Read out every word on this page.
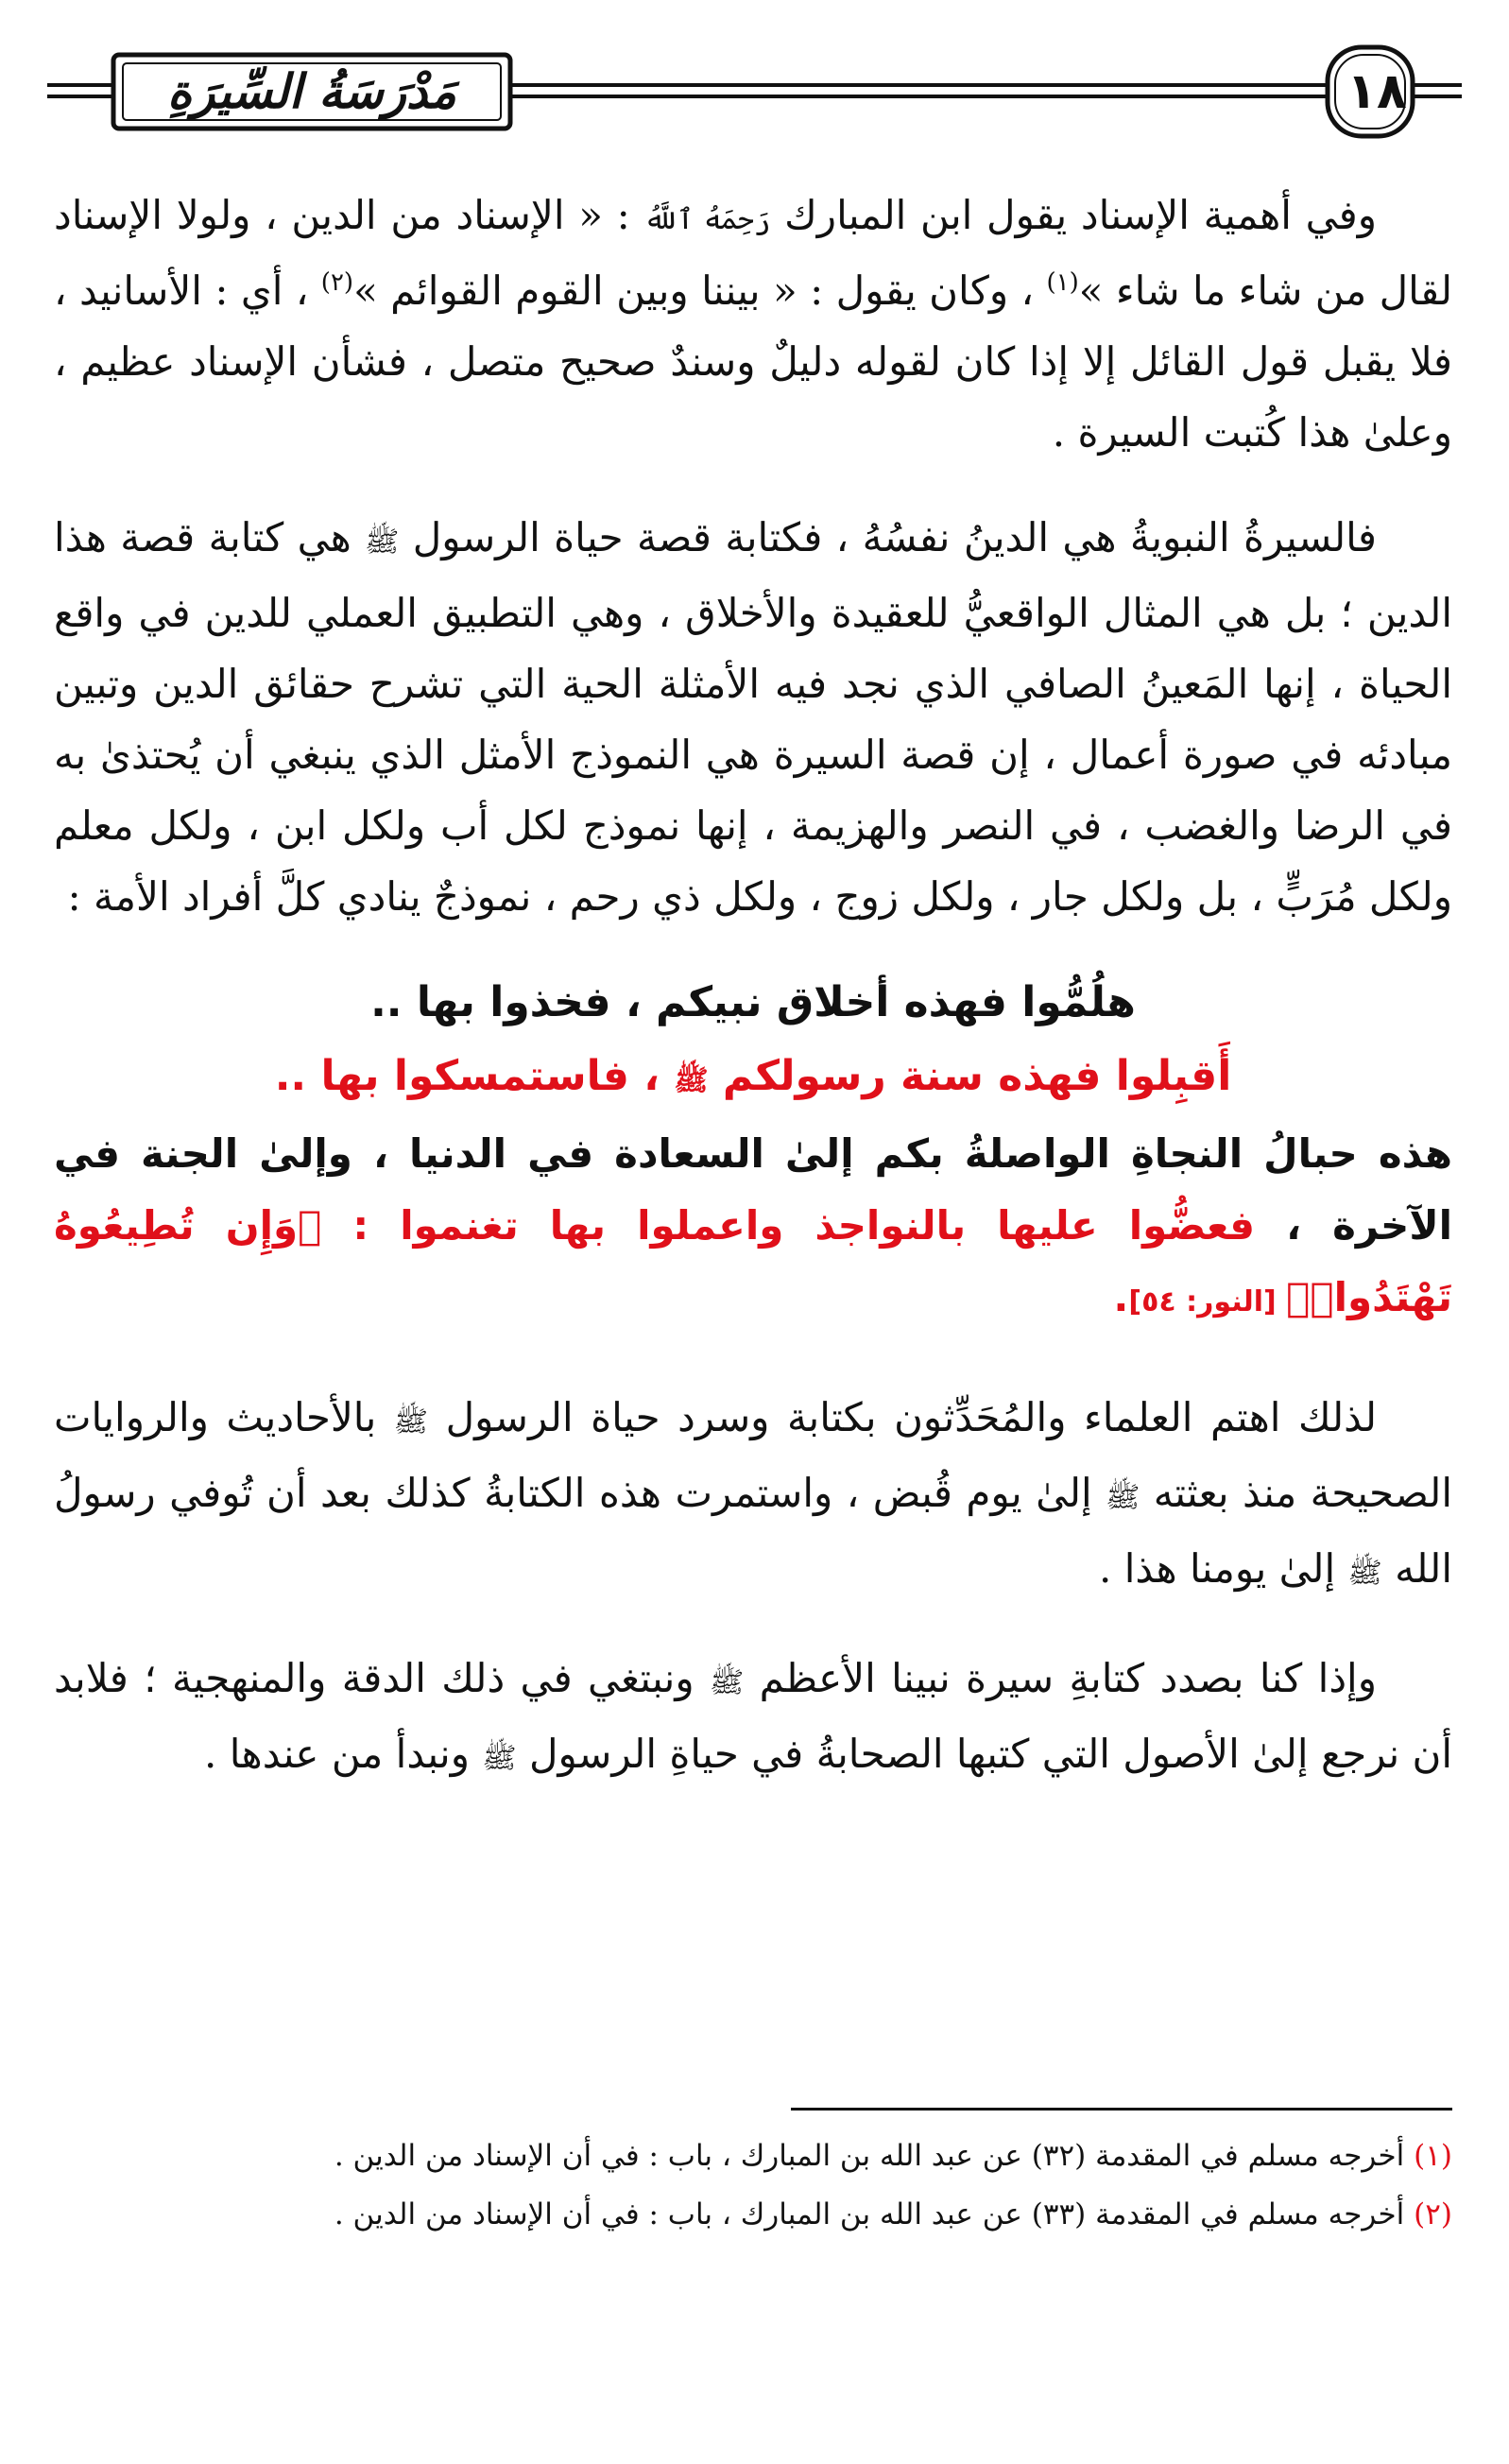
١٨
مَدْرَسَةُ السِّيرَةِ

وفي أهمية الإسناد يقول ابن المبارك رَحِمَهُ ٱللَّهُ : « الإسناد من الدين ، ولولا الإسناد لقال من شاء ما شاء »$^{(١)}$ ، وكان يقول : « بيننا وبين القوم القوائم »$^{(٢)}$ ، أي : الأسانيد ، فلا يقبل قول القائل إلا إذا كان لقوله دليلٌ وسندٌ صحيح متصل ، فشأن الإسناد عظيم ، وعلىٰ هذا كُتبت السيرة .

فالسيرةُ النبويةُ هي الدينُ نفسُهُ ، فكتابة قصة حياة الرسول ﷺ هي كتابة قصة هذا الدين ؛ بل هي المثال الواقعيُّ للعقيدة والأخلاق ، وهي التطبيق العملي للدين في واقع الحياة ، إنها المَعينُ الصافي الذي نجد فيه الأمثلة الحية التي تشرح حقائق الدين وتبين مبادئه في صورة أعمال ، إن قصة السيرة هي النموذج الأمثل الذي ينبغي أن يُحتذىٰ به في الرضا والغضب ، في النصر والهزيمة ، إنها نموذج لكل أب ولكل ابن ، ولكل معلم ولكل مُرَبٍّ ، بل ولكل جار ، ولكل زوج ، ولكل ذي رحم ، نموذجٌ ينادي كلَّ أفراد الأمة :

هلُمُّوا فهذه أخلاق نبيكم ، فخذوا بها ..
أَقبِلوا فهذه سنة رسولكم ﷺ ، فاستمسكوا بها ..
هذه حبالُ النجاةِ الواصلةُ بكم إلىٰ السعادة في الدنيا ، وإلىٰ الجنة في الآخرة ، فعضُّوا عليها بالنواجذ واعملوا بها تغنموا : ﴿وَإِن تُطِيعُوهُ تَهْتَدُوا۟﴾ [النور: ٥٤].

لذلك اهتم العلماء والمُحَدِّثون بكتابة وسرد حياة الرسول ﷺ بالأحاديث والروايات الصحيحة منذ بعثته ﷺ إلىٰ يوم قُبض ، واستمرت هذه الكتابةُ كذلك بعد أن تُوفي رسولُ الله ﷺ إلىٰ يومنا هذا .

وإذا كنا بصدد كتابةِ سيرة نبينا الأعظم ﷺ ونبتغي في ذلك الدقة والمنهجية ؛ فلابد أن نرجع إلىٰ الأصول التي كتبها الصحابةُ في حياةِ الرسول ﷺ ونبدأ من عندها .

(١) أخرجه مسلم في المقدمة (٣٢) عن عبد الله بن المبارك ، باب : في أن الإسناد من الدين .

(٢) أخرجه مسلم في المقدمة (٣٣) عن عبد الله بن المبارك ، باب : في أن الإسناد من الدين .
